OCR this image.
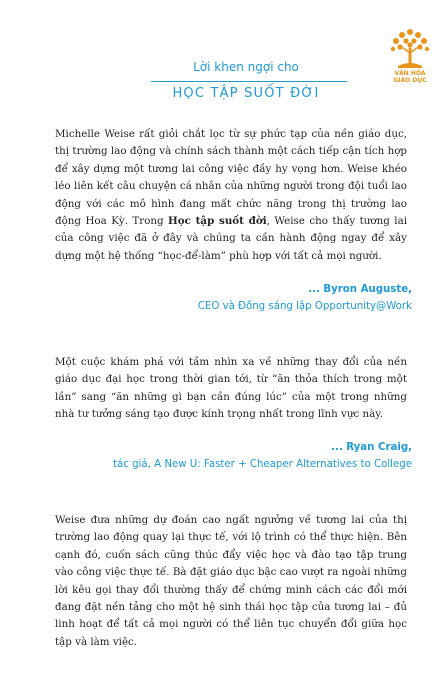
VĂN HÓA
GIÁO DỤC
Lời khen ngợi cho
HỌC TẬP SUỐT ĐỜI
Michelle Weise rất giỏi chắt lọc từ sự phức tạp của nền giáo dục, thị trường lao động và chính sách thành một cách tiếp cận tích hợp để xây dựng một tương lai công việc đầy hy vọng hơn. Weise khéo léo liên kết câu chuyện cá nhân của những người trong đội tuổi lao động với các mô hình đang mất chức năng trong thị trường lao động Hoa Kỳ. Trong Học tập suốt đời, Weise cho thấy tương lai của công việc đã ở đây và chúng ta cần hành động ngay để xây dựng một hệ thống “học-để-làm” phù hợp với tất cả mọi người.
... Byron Auguste,
CEO và Đồng sáng lập Opportunity@Work
Một cuộc khám phá với tầm nhìn xa về những thay đổi của nền giáo dục đại học trong thời gian tới, từ “ăn thỏa thích trong một lần” sang “ăn những gì bạn cần đúng lúc” của một trong những nhà tư tưởng sáng tạo được kính trọng nhất trong lĩnh vực này.
... Ryan Craig,
tác giả, A New U: Faster + Cheaper Alternatives to College
Weise đưa những dự đoán cao ngất ngưởng về tương lai của thị trường lao động quay lại thực tế, với lộ trình có thể thực hiện. Bên cạnh đó, cuốn sách cũng thúc đẩy việc học và đào tạo tập trung vào công việc thực tế. Bà đặt giáo dục bậc cao vượt ra ngoài những lời kêu gọi thay đổi thường thấy để chứng minh cách các đổi mới đang đặt nền tảng cho một hệ sinh thái học tập của tương lai – đủ linh hoạt để tất cả mọi người có thể liên tục chuyển đổi giữa học tập và làm việc.
